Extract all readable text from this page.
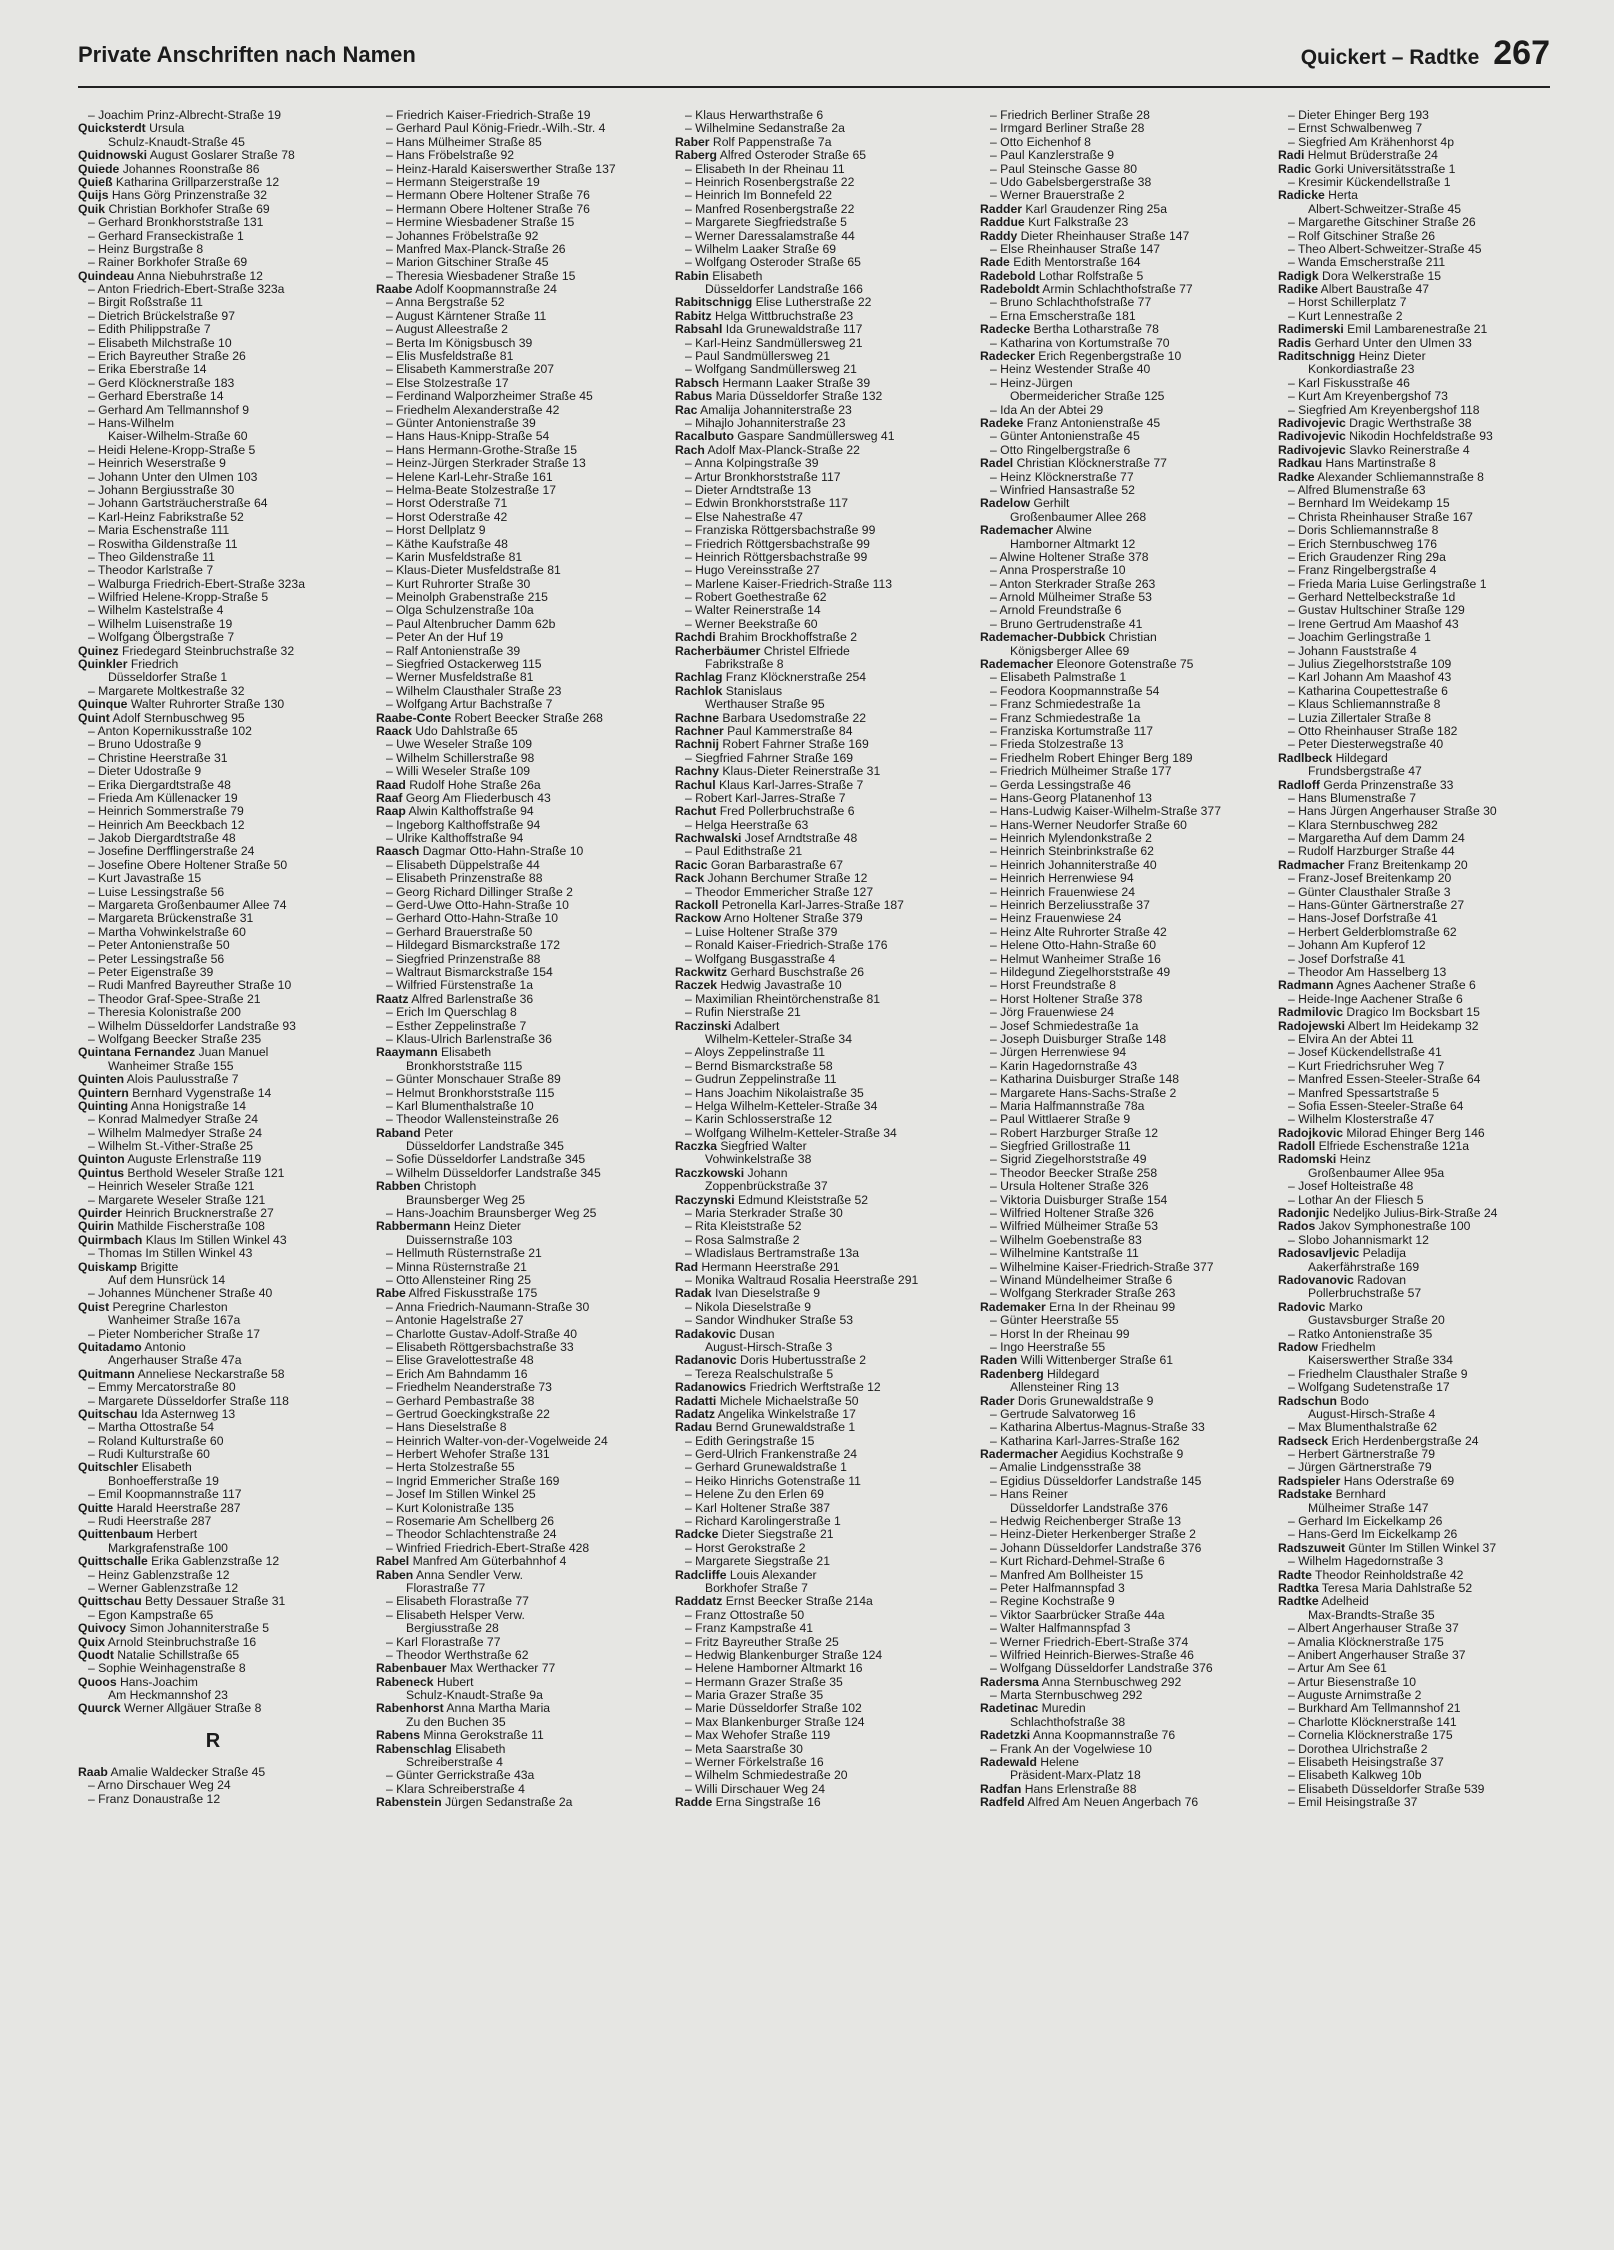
Private Anschriften nach Namen	Quickert – Radtke 267
– Joachim Prinz-Albrecht-Straße 19
Quicksterdt Ursula
Schulz-Knaudt-Straße 45
Quidnowski August Goslarer Straße 78
Quiede Johannes Roonstraße 86
Quieß Katharina Grillparzerstraße 12
Quijs Hans Görg Prinzenstraße 32
Quik Christian Borkhofer Straße 69
– Gerhard Bronkhorststraße 131
– Gerhard Franseckistraße 1
– Heinz Burgstraße 8
– Rainer Borkhofer Straße 69
Quindeau Anna Niebuhrstraße 12
– Anton Friedrich-Ebert-Straße 323a
– Birgit Roßstraße 11
– Dietrich Brückelstraße 97
– Edith Philippstraße 7
– Elisabeth Milchstraße 10
– Erich Bayreuther Straße 26
– Erika Eberstraße 14
– Gerd Klöcknerstraße 183
– Gerhard Eberstraße 14
– Gerhard Am Tellmannshof 9
– Hans-Wilhelm
Kaiser-Wilhelm-Straße 60
– Heidi Helene-Kropp-Straße 5
– Heinrich Weserstraße 9
– Johann Unter den Ulmen 103
– Johann Bergiusstraße 30
– Johann Gartsträucherstraße 64
– Karl-Heinz Fabrikstraße 52
– Maria Eschenstraße 111
– Roswitha Gildenstraße 11
– Theo Gildenstraße 11
– Theodor Karlstraße 7
– Walburga Friedrich-Ebert-Straße 323a
– Wilfried Helene-Kropp-Straße 5
– Wilhelm Kastelstraße 4
– Wilhelm Luisenstraße 19
– Wolfgang Ölbergstraße 7
Quinez Friedegard Steinbruchstraße 32
Quinkler Friedrich
Düsseldorfer Straße 1
– Margarete Moltkestraße 32
Quinque Walter Ruhrorter Straße 130
Quint Adolf Sternbuschweg 95
– Anton Kopernikusstraße 102
– Bruno Udostraße 9
– Christine Heerstraße 31
– Dieter Udostraße 9
– Erika Diergardtstraße 48
– Frieda Am Küllenacker 19
– Heinrich Sommerstraße 79
– Heinrich Am Beeckbach 12
– Jakob Diergardtstraße 48
– Josefine Derfflingerstraße 24
– Josefine Obere Holtener Straße 50
– Kurt Javastraße 15
– Luise Lessingstraße 56
– Margareta Großenbaumer Allee 74
– Margareta Brückenstraße 31
– Martha Vohwinkelstraße 60
– Peter Antonienstraße 50
– Peter Lessingstraße 56
– Peter Eigenstraße 39
– Rudi Manfred Bayreuther Straße 10
– Theodor Graf-Spee-Straße 21
– Theresia Kolonistraße 200
– Wilhelm Düsseldorfer Landstraße 93
– Wolfgang Beecker Straße 235
Quintana Fernandez Juan Manuel
Wanheimer Straße 155
Quinten Alois Paulusstraße 7
Quintern Bernhard Vygenstraße 14
Quinting Anna Honigstraße 14
– Konrad Malmedyer Straße 24
– Wilhelm Malmedyer Straße 24
– Wilhelm St.-Vither-Straße 25
Quinton Auguste Erlenstraße 119
Quintus Berthold Weseler Straße 121
– Heinrich Weseler Straße 121
– Margarete Weseler Straße 121
Quirder Heinrich Brucknerstraße 27
Quirin Mathilde Fischerstraße 108
Quirmbach Klaus Im Stillen Winkel 43
– Thomas Im Stillen Winkel 43
Quiskamp Brigitte
Auf dem Hunsrück 14
– Johannes Münchener Straße 40
Quist Peregrine Charleston
Wanheimer Straße 167a
– Pieter Nombericher Straße 17
Quitadamo Antonio
Angerhauser Straße 47a
Quitmann Anneliese Neckarstraße 58
– Emmy Mercatorstraße 80
– Margarete Düsseldorfer Straße 118
Quitschau Ida Asternweg 13
– Martha Ottostraße 54
– Roland Kulturstraße 60
– Rudi Kulturstraße 60
Quitschler Elisabeth
Bonhoefferstraße 19
– Emil Koopmannstraße 117
Quitte Harald Heerstraße 287
– Rudi Heerstraße 287
Quittenbaum Herbert
Markgrafenstraße 100
Quittschalle Erika Gablenzstraße 12
– Heinz Gablenzstraße 12
– Werner Gablenzstraße 12
Quittschau Betty Dessauer Straße 31
– Egon Kampstraße 65
Quivocy Simon Johanniterstraße 5
Quix Arnold Steinbruchstraße 16
Quodt Natalie Schillstraße 65
– Sophie Weinhagenstraße 8
Quoos Hans-Joachim
Am Heckmannshof 23
Quurck Werner Allgäuer Straße 8
R
Raab Amalie Waldecker Straße 45
– Arno Dirschauer Weg 24
– Franz Donaustraße 12
– Friedrich Kaiser-Friedrich-Straße 19
– Gerhard Paul König-Friedr.-Wilh.-Str. 4
– Hans Mülheimer Straße 85
– Hans Fröbelstraße 92
– Heinz-Harald Kaiserswerther Straße 137
– Hermann Steigerstraße 19
– Hermann Obere Holtener Straße 76
– Hermann Obere Holtener Straße 76
– Hermine Wiesbadener Straße 15
– Johannes Fröbelstraße 92
– Manfred Max-Planck-Straße 26
– Marion Gitschiner Straße 45
– Theresia Wiesbadener Straße 15
Raabe Adolf Koopmannstraße 24
– Anna Bergstraße 52
– August Kärntener Straße 11
– August Alleestraße 2
– Berta Im Königsbusch 39
– Elis Musfeldstraße 81
– Elisabeth Kammerstraße 207
– Else Stolzestraße 17
– Ferdinand Walporzheimer Straße 45
– Friedhelm Alexanderstraße 42
– Günter Antonienstraße 39
– Hans Haus-Knipp-Straße 54
– Hans Hermann-Grothe-Straße 15
– Heinz-Jürgen Sterkrader Straße 13
– Helene Karl-Lehr-Straße 161
– Helma-Beate Stolzestraße 17
– Horst Oderstraße 71
– Horst Oderstraße 42
– Horst Dellplatz 9
– Käthe Kaufstraße 48
– Karin Musfeldstraße 81
– Klaus-Dieter Musfeldstraße 81
– Kurt Ruhrorter Straße 30
– Meinolph Grabenstraße 215
– Olga Schulzenstraße 10a
– Paul Altenbrucher Damm 62b
– Peter An der Huf 19
– Ralf Antonienstraße 39
– Siegfried Ostackerweg 115
– Werner Musfeldstraße 81
– Wilhelm Clausthaler Straße 23
– Wolfgang Artur Bachstraße 7
Raabe-Conte Robert Beecker Straße 268
Raack Udo Dahlstraße 65
– Uwe Weseler Straße 109
– Wilhelm Schillerstraße 98
– Willi Weseler Straße 109
Raad Rudolf Hohe Straße 26a
Raaf Georg Am Fliederbusch 43
Raap Alwin Kalthoffstraße 94
– Ingeborg Kalthoffstraße 94
– Ulrike Kalthoffstraße 94
Raasch Dagmar Otto-Hahn-Straße 10
– Elisabeth Düppelstraße 44
– Elisabeth Prinzenstraße 88
– Georg Richard Dillinger Straße 2
– Gerd-Uwe Otto-Hahn-Straße 10
– Gerhard Otto-Hahn-Straße 10
– Gerhard Brauerstraße 50
– Hildegard Bismarckstraße 172
– Siegfried Prinzenstraße 88
– Waltraut Bismarckstraße 154
– Wilfried Fürstenstraße 1a
Raatz Alfred Barlenstraße 36
– Erich Im Querschlag 8
– Esther Zeppelinstraße 7
– Klaus-Ulrich Barlenstraße 36
Raaymann Elisabeth
Bronkhorststraße 115
– Günter Monschauer Straße 89
– Helmut Bronkhorststraße 115
– Karl Blumenthalstraße 10
– Theodor Wallensteinstraße 26
Raband Peter
Düsseldorfer Landstraße 345
– Sofie Düsseldorfer Landstraße 345
– Wilhelm Düsseldorfer Landstraße 345
Rabben Christoph
Braunsberger Weg 25
– Hans-Joachim Braunsberger Weg 25
Rabbermann Heinz Dieter
Duissernstraße 103
– Hellmuth Rüsternstraße 21
– Minna Rüsternstraße 21
– Otto Allensteiner Ring 25
Rabe Alfred Fiskusstraße 175
– Anna Friedrich-Naumann-Straße 30
– Antonie Hagelstraße 27
– Charlotte Gustav-Adolf-Straße 40
– Elisabeth Röttgersbachstraße 33
– Elise Gravelottestraße 48
– Erich Am Bahndamm 16
– Friedhelm Neanderstraße 73
– Gerhard Pembastraße 38
– Gertrud Goeckingkstraße 22
– Hans Dieselstraße 8
– Heinrich Walter-von-der-Vogelweide 24
– Herbert Wehofer Straße 131
– Herta Stolzestraße 55
– Ingrid Emmericher Straße 169
– Josef Im Stillen Winkel 25
– Kurt Kolonistraße 135
– Rosemarie Am Schellberg 26
– Theodor Schlachtenstraße 24
– Winfried Friedrich-Ebert-Straße 428
Rabel Manfred Am Güterbahnhof 4
Raben Anna Sendler Verw.
Florastraße 77
– Elisabeth Florastraße 77
– Elisabeth Helsper Verw.
Bergiusstraße 28
– Karl Florastraße 77
– Theodor Werthstraße 62
Rabenbauer Max Werthacker 77
Rabeneck Hubert
Schulz-Knaudt-Straße 9a
Rabenhorst Anna Martha Maria
Zu den Buchen 35
Rabens Minna Gerokstraße 11
Rabenschlag Elisabeth
Schreiberstraße 4
– Günter Gerrickstraße 43a
– Klara Schreiberstraße 4
Rabenstein Jürgen Sedanstraße 2a
– Klaus Herwarthstraße 6
– Wilhelmine Sedanstraße 2a
Raber Rolf Pappenstraße 7a
Raberg Alfred Osteroder Straße 65
– Elisabeth In der Rheinau 11
– Heinrich Rosenbergstraße 22
– Heinrich Im Bonnefeld 22
– Manfred Rosenbergstraße 22
– Margarete Siegfriedstraße 5
– Werner Daressalamstraße 44
– Wilhelm Laaker Straße 69
– Wolfgang Osteroder Straße 65
Rabin Elisabeth
Düsseldorfer Landstraße 166
Rabitschnigg Elise Lutherstraße 22
Rabitz Helga Wittbruchstraße 23
Rabsahl Ida Grunewaldstraße 117
– Karl-Heinz Sandmüllersweg 21
– Paul Sandmüllersweg 21
– Wolfgang Sandmüllersweg 21
Rabsch Hermann Laaker Straße 39
Rabus Maria Düsseldorfer Straße 132
Rac Amalija Johanniterstraße 23
– Mihajlo Johanniterstraße 23
Racalbuto Gaspare Sandmüllersweg 41
Rach Adolf Max-Planck-Straße 22
– Anna Kolpingstraße 39
– Artur Bronkhorststraße 117
– Dieter Arndtstraße 13
– Edwin Bronkhorststraße 117
– Else Nahestraße 47
– Franziska Röttgersbachstraße 99
– Friedrich Röttgersbachstraße 99
– Heinrich Röttgersbachstraße 99
– Hugo Vereinsstraße 27
– Marlene Kaiser-Friedrich-Straße 113
– Robert Goethestraße 62
– Walter Reinerstraße 14
– Werner Beekstraße 60
Rachdi Brahim Brockhoffstraße 2
Racherbäumer Christel Elfriede
Fabrikstraße 8
Rachlag Franz Klöcknerstraße 254
Rachlok Stanislaus
Werthauser Straße 95
Rachne Barbara Usedomstraße 22
Rachner Paul Kammerstraße 84
Rachnij Robert Fahrner Straße 169
– Siegfried Fahrner Straße 169
Rachny Klaus-Dieter Reinerstraße 31
Rachul Klaus Karl-Jarres-Straße 7
– Robert Karl-Jarres-Straße 7
Rachut Fred Pollerbruchstraße 6
– Helga Heerstraße 63
Rachwalski Josef Arndtstraße 48
– Paul Edithstraße 21
Racic Goran Barbarastraße 67
Rack Johann Berchumer Straße 12
– Theodor Emmericher Straße 127
Rackoll Petronella Karl-Jarres-Straße 187
Rackow Arno Holtener Straße 379
– Luise Holtener Straße 379
– Ronald Kaiser-Friedrich-Straße 176
– Wolfgang Busgasstraße 4
Rackwitz Gerhard Buschstraße 26
Raczek Hedwig Javastraße 10
– Maximilian Rheintörchenstraße 81
– Rufin Nierstraße 21
Raczinski Adalbert
Wilhelm-Ketteler-Straße 34
– Aloys Zeppelinstraße 11
– Bernd Bismarckstraße 58
– Gudrun Zeppelinstraße 11
– Hans Joachim Nikolaistraße 35
– Helga Wilhelm-Ketteler-Straße 34
– Karin Schlosserstraße 12
– Wolfgang Wilhelm-Ketteler-Straße 34
Raczka Siegfried Walter
Vohwinkelstraße 38
Raczkowski Johann
Zoppenbrückstraße 37
Raczynski Edmund Kleiststraße 52
– Maria Sterkrader Straße 30
– Rita Kleiststraße 52
– Rosa Salmstraße 2
– Wladislaus Bertramstraße 13a
Rad Hermann Heerstraße 291
– Monika Waltraud Rosalia Heerstraße 291
Radak Ivan Dieselstraße 9
– Nikola Dieselstraße 9
– Sandor Windhuker Straße 53
Radakovic Dusan
August-Hirsch-Straße 3
Radanovic Doris Hubertusstraße 2
– Tereza Realschulstraße 5
Radanowics Friedrich Werftstraße 12
Radatti Michele Michaelstraße 50
Radatz Angelika Winkelstraße 17
Radau Bernd Grunewaldstraße 1
– Edith Geringstraße 15
– Gerd-Ulrich Frankenstraße 24
– Gerhard Grunewaldstraße 1
– Heiko Hinrichs Gotenstraße 11
– Helene Zu den Erlen 69
– Karl Holtener Straße 387
– Richard Karolingerstraße 1
Radcke Dieter Siegstraße 21
– Horst Gerokstraße 2
– Margarete Siegstraße 21
Radcliffe Louis Alexander
Borkhofer Straße 7
Raddatz Ernst Beecker Straße 214a
– Franz Ottostraße 50
– Franz Kampstraße 41
– Fritz Bayreuther Straße 25
– Hedwig Blankenburger Straße 124
– Helene Hamborner Altmarkt 16
– Hermann Grazer Straße 35
– Maria Grazer Straße 35
– Marie Düsseldorfer Straße 102
– Max Blankenburger Straße 124
– Max Wehofer Straße 119
– Meta Saarstraße 30
– Werner Förkelstraße 16
– Wilhelm Schmiedestraße 20
– Willi Dirschauer Weg 24
Radde Erna Singstraße 16
– Friedrich Berliner Straße 28
– Irmgard Berliner Straße 28
– Otto Eichenhof 8
– Paul Kanzlerstraße 9
– Paul Steinsche Gasse 80
– Udo Gabelsbergerstraße 38
– Werner Brauerstraße 2
Radder Karl Graudenzer Ring 25a
Raddue Kurt Falkstraße 23
Raddy Dieter Rheinhauser Straße 147
– Else Rheinhauser Straße 147
Rade Edith Mentorstraße 164
Radebold Lothar Rolfstraße 5
Radeboldt Armin Schlachthofstraße 77
– Bruno Schlachthofstraße 77
– Erna Emscherstraße 181
Radecke Bertha Lotharstraße 78
– Katharina von Kortumstraße 70
Radecker Erich Regenbergstraße 10
– Heinz Westender Straße 40
– Heinz-Jürgen
Obermeidericher Straße 125
– Ida An der Abtei 29
Radeke Franz Antonienstraße 45
– Günter Antonienstraße 45
– Otto Ringelbergstraße 6
Radel Christian Klöcknerstraße 77
– Heinz Klöcknerstraße 77
– Winfried Hansastraße 52
Radelow Gerhilt
Großenbaumer Allee 268
Rademacher Alwine
Hamborner Altmarkt 12
– Alwine Holtener Straße 378
– Anna Prosperstraße 10
– Anton Sterkrader Straße 263
– Arnold Mülheimer Straße 53
– Arnold Freundstraße 6
– Bruno Gertrudenstraße 41
Rademacher-Dubbick Christian
Königsberger Allee 69
Rademacher Eleonore Gotenstraße 75
– Elisabeth Palmstraße 1
– Feodora Koopmannstraße 54
– Franz Schmiedestraße 1a
– Franz Schmiedestraße 1a
– Franziska Kortumstraße 117
– Frieda Stolzestraße 13
– Friedhelm Robert Ehinger Berg 189
– Friedrich Mülheimer Straße 177
– Gerda Lessingstraße 46
– Hans-Georg Platanenhof 13
– Hans-Ludwig Kaiser-Wilhelm-Straße 377
– Hans-Werner Neudorfer Straße 60
– Heinrich Mylendonkstraße 2
– Heinrich Steinbrinkstraße 62
– Heinrich Johanniterstraße 40
– Heinrich Herrenwiese 94
– Heinrich Frauenwiese 24
– Heinrich Berzeliusstraße 37
– Heinz Frauenwiese 24
– Heinz Alte Ruhrorter Straße 42
– Helene Otto-Hahn-Straße 60
– Helmut Wanheimer Straße 16
– Hildegund Ziegelhorststraße 49
– Horst Freundstraße 8
– Horst Holtener Straße 378
– Jörg Frauenwiese 24
– Josef Schmiedestraße 1a
– Joseph Duisburger Straße 148
– Jürgen Herrenwiese 94
– Karin Hagedornstraße 43
– Katharina Duisburger Straße 148
– Margarete Hans-Sachs-Straße 2
– Maria Halfmannstraße 78a
– Paul Wittlaerer Straße 9
– Robert Harzburger Straße 12
– Siegfried Grillostraße 11
– Sigrid Ziegelhorststraße 49
– Theodor Beecker Straße 258
– Ursula Holtener Straße 326
– Viktoria Duisburger Straße 154
– Wilfried Holtener Straße 326
– Wilfried Mülheimer Straße 53
– Wilhelm Goebenstraße 83
– Wilhelmine Kantstraße 11
– Wilhelmine Kaiser-Friedrich-Straße 377
– Winand Mündelheimer Straße 6
– Wolfgang Sterkrader Straße 263
Rademaker Erna In der Rheinau 99
– Günter Heerstraße 55
– Horst In der Rheinau 99
– Ingo Heerstraße 55
Raden Willi Wittenberger Straße 61
Radenberg Hildegard
Allensteiner Ring 13
Rader Doris Grunewaldstraße 9
– Gertrude Salvatorweg 16
– Katharina Albertus-Magnus-Straße 33
– Katharina Karl-Jarres-Straße 162
Radermacher Aegidius Kochstraße 9
– Amalie Lindgensstraße 38
– Egidius Düsseldorfer Landstraße 145
– Hans Reiner
Düsseldorfer Landstraße 376
– Hedwig Reichenberger Straße 13
– Heinz-Dieter Herkenberger Straße 2
– Johann Düsseldorfer Landstraße 376
– Kurt Richard-Dehmel-Straße 6
– Manfred Am Bollheister 15
– Peter Halfmannspfad 3
– Regine Kochstraße 9
– Viktor Saarbrücker Straße 44a
– Walter Halfmannspfad 3
– Werner Friedrich-Ebert-Straße 374
– Wilfried Heinrich-Bierwes-Straße 46
– Wolfgang Düsseldorfer Landstraße 376
Radersma Anna Sternbuschweg 292
– Marta Sternbuschweg 292
Radetinac Muredin
Schlachthofstraße 38
Radetzki Anna Koopmannstraße 76
– Frank An der Vogelwiese 10
Radewald Helene
Präsident-Marx-Platz 18
Radfan Hans Erlenstraße 88
Radfeld Alfred Am Neuen Angerbach 76
– Dieter Ehinger Berg 193
– Ernst Schwalbenweg 7
– Siegfried Am Krähenhorst 4p
Radi Helmut Brüderstraße 24
Radic Gorki Universitätsstraße 1
– Kresimir Kückendellstraße 1
Radicke Herta
Albert-Schweitzer-Straße 45
– Margarethe Gitschiner Straße 26
– Rolf Gitschiner Straße 26
– Theo Albert-Schweitzer-Straße 45
– Wanda Emscherstraße 211
Radigk Dora Welkerstraße 15
Radike Albert Baustraße 47
– Horst Schillerplatz 7
– Kurt Lennestraße 2
Radimerski Emil Lambarenestraße 21
Radis Gerhard Unter den Ulmen 33
Raditschnigg Heinz Dieter
Konkordiastraße 23
– Karl Fiskusstraße 46
– Kurt Am Kreyenbergshof 73
– Siegfried Am Kreyenbergshof 118
Radivojevic Dragic Werthstraße 38
Radivojevic Nikodin Hochfeldstraße 93
Radivojevic Slavko Reinerstraße 4
Radkau Hans Martinstraße 8
Radke Alexander Schliemannstraße 8
– Alfred Blumenstraße 63
– Bernhard Im Weidekamp 15
– Christa Rheinhauser Straße 167
– Doris Schliemannstraße 8
– Erich Sternbuschweg 176
– Erich Graudenzer Ring 29a
– Franz Ringelbergstraße 4
– Frieda Maria Luise Gerlingstraße 1
– Gerhard Nettelbeckstraße 1d
– Gustav Hultschiner Straße 129
– Irene Gertrud Am Maashof 43
– Joachim Gerlingstraße 1
– Johann Fauststraße 4
– Julius Ziegelhorststraße 109
– Karl Johann Am Maashof 43
– Katharina Coupettestraße 6
– Klaus Schliemannstraße 8
– Luzia Zillertaler Straße 8
– Otto Rheinhauser Straße 182
– Peter Diesterwegstraße 40
Radlbeck Hildegard
Frundsbergstraße 47
Radloff Gerda Prinzenstraße 33
– Hans Blumenstraße 7
– Hans Jürgen Angerhauser Straße 30
– Klara Sternbuschweg 282
– Margaretha Auf dem Damm 24
– Rudolf Harzburger Straße 44
Radmacher Franz Breitenkamp 20
– Franz-Josef Breitenkamp 20
– Günter Clausthaler Straße 3
– Hans-Günter Gärtnerstraße 27
– Hans-Josef Dorfstraße 41
– Herbert Gelderblomstraße 62
– Johann Am Kupferof 12
– Josef Dorfstraße 41
– Theodor Am Hasselberg 13
Radmann Agnes Aachener Straße 6
– Heide-Inge Aachener Straße 6
Radmilovic Dragico Im Bocksbart 15
Radojewski Albert Im Heidekamp 32
– Elvira An der Abtei 11
– Josef Kückendellstraße 41
– Kurt Friedrichsruher Weg 7
– Manfred Essen-Steeler-Straße 64
– Manfred Spessartstraße 5
– Sofia Essen-Steeler-Straße 64
– Wilhelm Klosterstraße 47
Radojkovic Milorad Ehinger Berg 146
Radoll Elfriede Eschenstraße 121a
Radomski Heinz
Großenbaumer Allee 95a
– Josef Holteistraße 48
– Lothar An der Fliesch 5
Radonjic Nedeljko Julius-Birk-Straße 24
Rados Jakov Symphonestraße 100
– Slobo Johannismarkt 12
Radosavljevic Peladija
Aakerfährstraße 169
Radovanovic Radovan
Pollerbruchstraße 57
Radovic Marko
Gustavsburger Straße 20
– Ratko Antonienstraße 35
Radow Friedhelm
Kaiserswerther Straße 334
– Friedhelm Clausthaler Straße 9
– Wolfgang Sudetenstraße 17
Radschun Bodo
August-Hirsch-Straße 4
– Max Blumenthalstraße 62
Radseck Erich Herdenbergstraße 24
– Herbert Gärtnerstraße 79
– Jürgen Gärtnerstraße 79
Radspieler Hans Oderstraße 69
Radstake Bernhard
Mülheimer Straße 147
– Gerhard Im Eickelkamp 26
– Hans-Gerd Im Eickelkamp 26
Radszuweit Günter Im Stillen Winkel 37
– Wilhelm Hagedornstraße 3
Radte Theodor Reinholdstraße 42
Radtka Teresa Maria Dahlstraße 52
Radtke Adelheid
Max-Brandts-Straße 35
– Albert Angerhauser Straße 37
– Amalia Klöcknerstraße 175
– Anibert Angerhauser Straße 37
– Artur Am See 61
– Artur Biesenstraße 10
– Auguste Arnimstraße 2
– Burkhard Am Tellmannshof 21
– Charlotte Klöcknerstraße 141
– Cornelia Klöcknerstraße 175
– Dorothea Ulrichstraße 2
– Elisabeth Heisingstraße 37
– Elisabeth Kalkweg 10b
– Elisabeth Düsseldorfer Straße 539
– Emil Heisingstraße 37
